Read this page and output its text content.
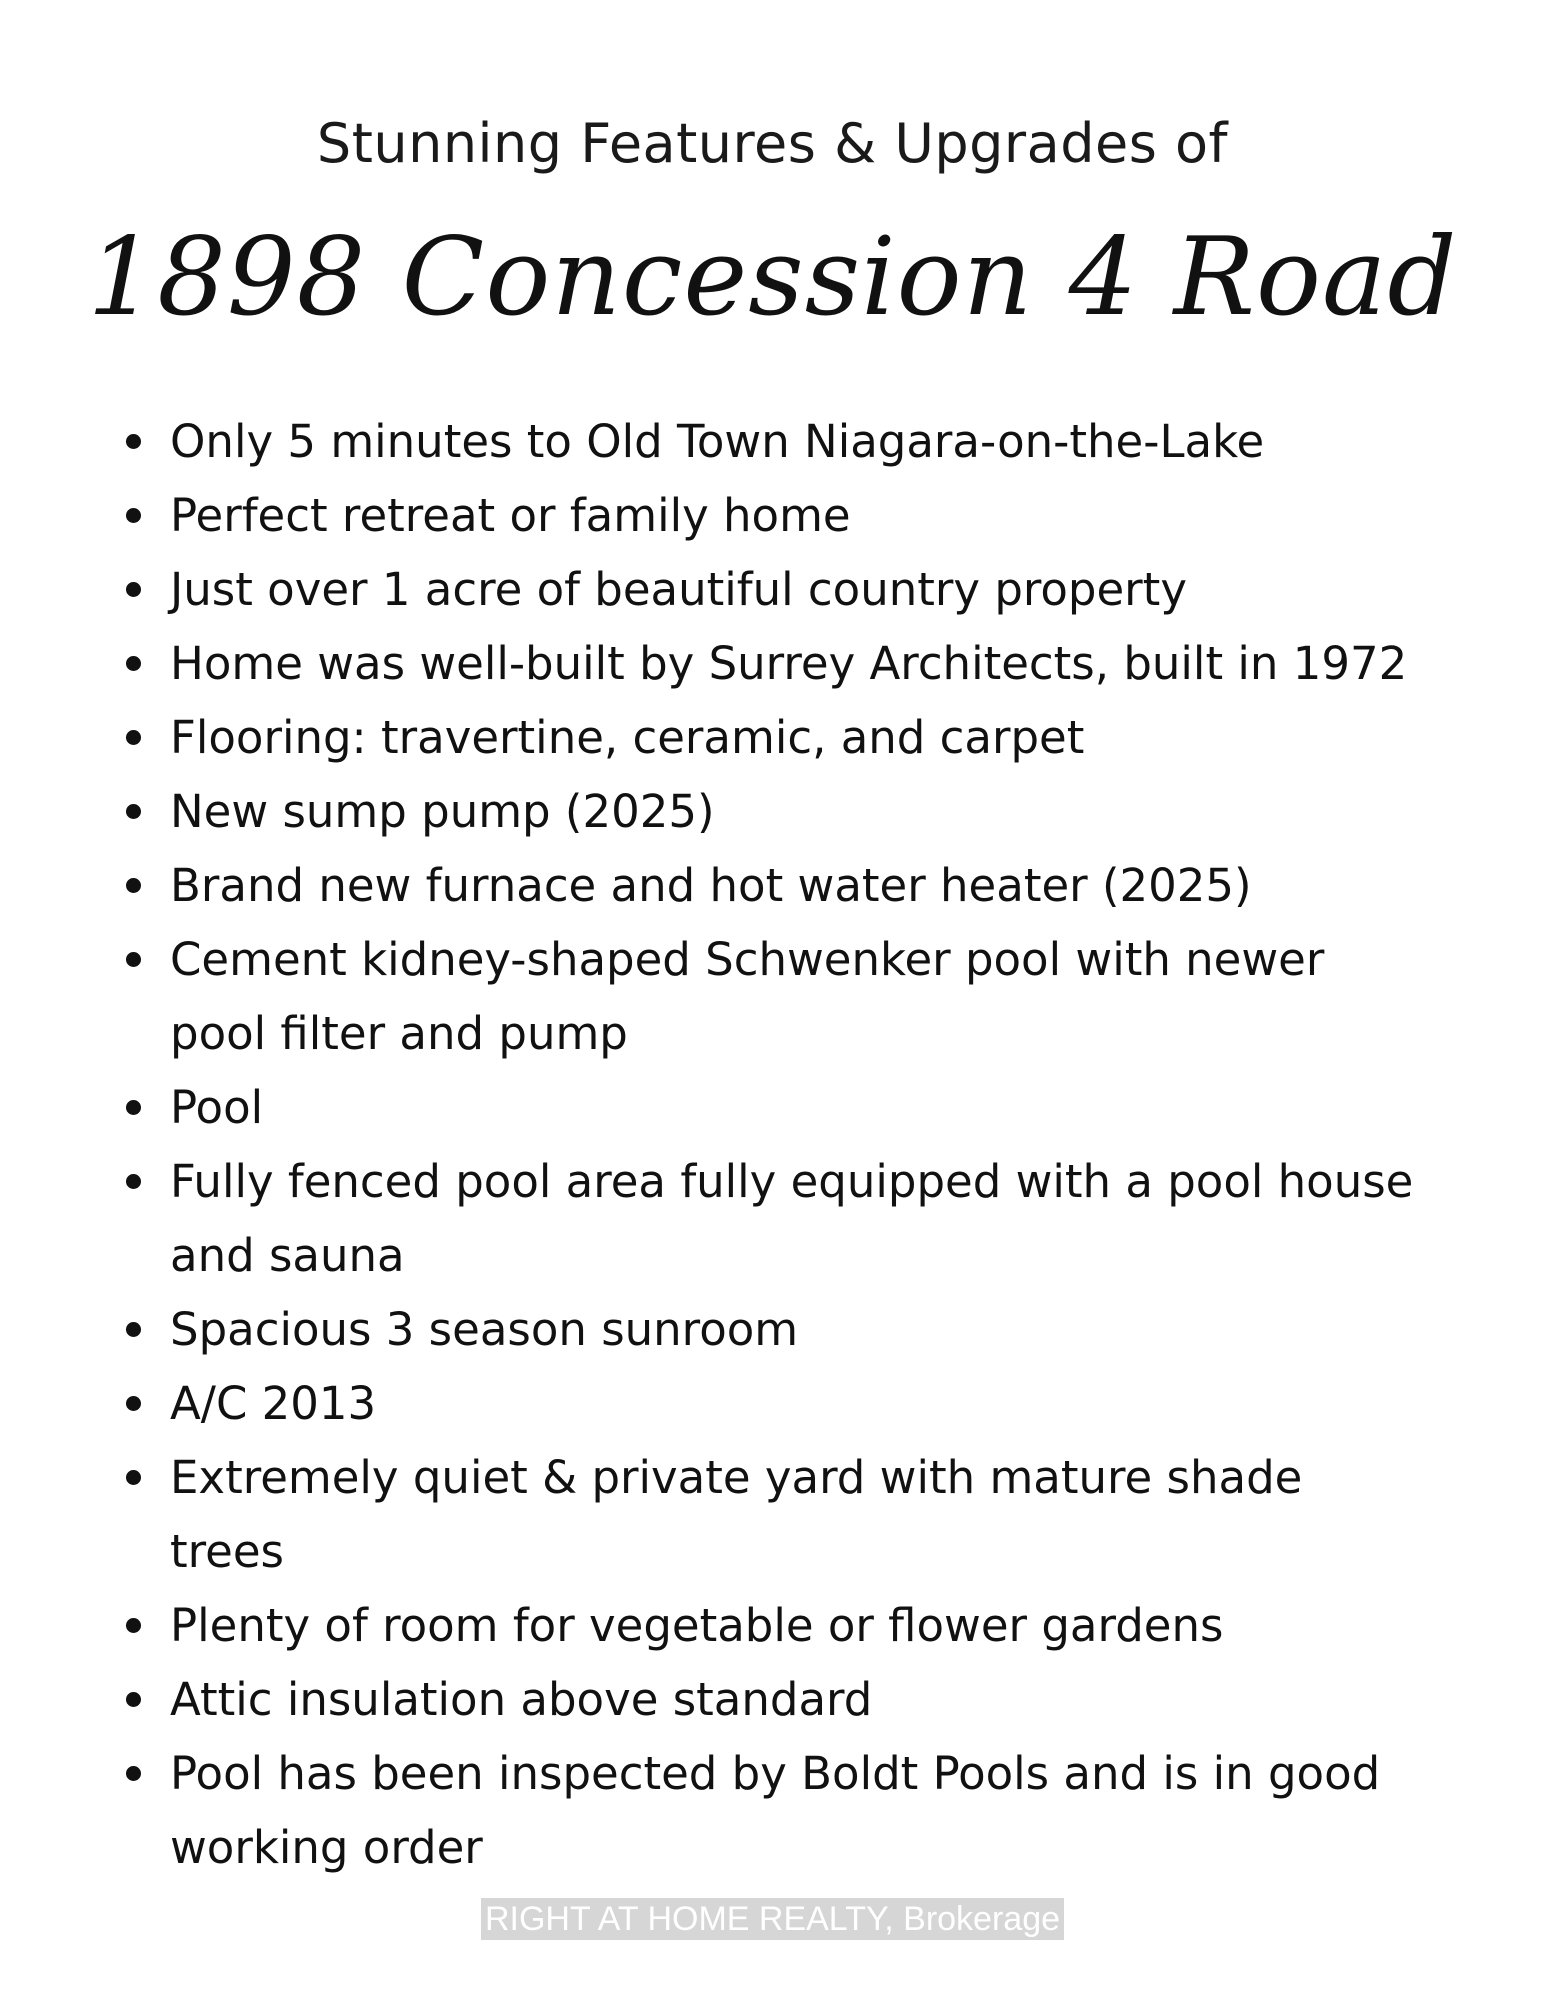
Stunning Features & Upgrades of
1898 Concession 4 Road
Only 5 minutes to Old Town Niagara-on-the-Lake
Perfect retreat or family home
Just over 1 acre of beautiful country property
Home was well-built by Surrey Architects, built in 1972
Flooring: travertine, ceramic, and carpet
New sump pump (2025)
Brand new furnace and hot water heater (2025)
Cement kidney-shaped Schwenker pool with newer pool filter and pump
Pool
Fully fenced pool area fully equipped with a pool house and sauna
Spacious 3 season sunroom
A/C 2013
Extremely quiet & private yard with mature shade trees
Plenty of room for vegetable or flower gardens
Attic insulation above standard
Pool has been inspected by Boldt Pools and is in good working order
RIGHT AT HOME REALTY, Brokerage
